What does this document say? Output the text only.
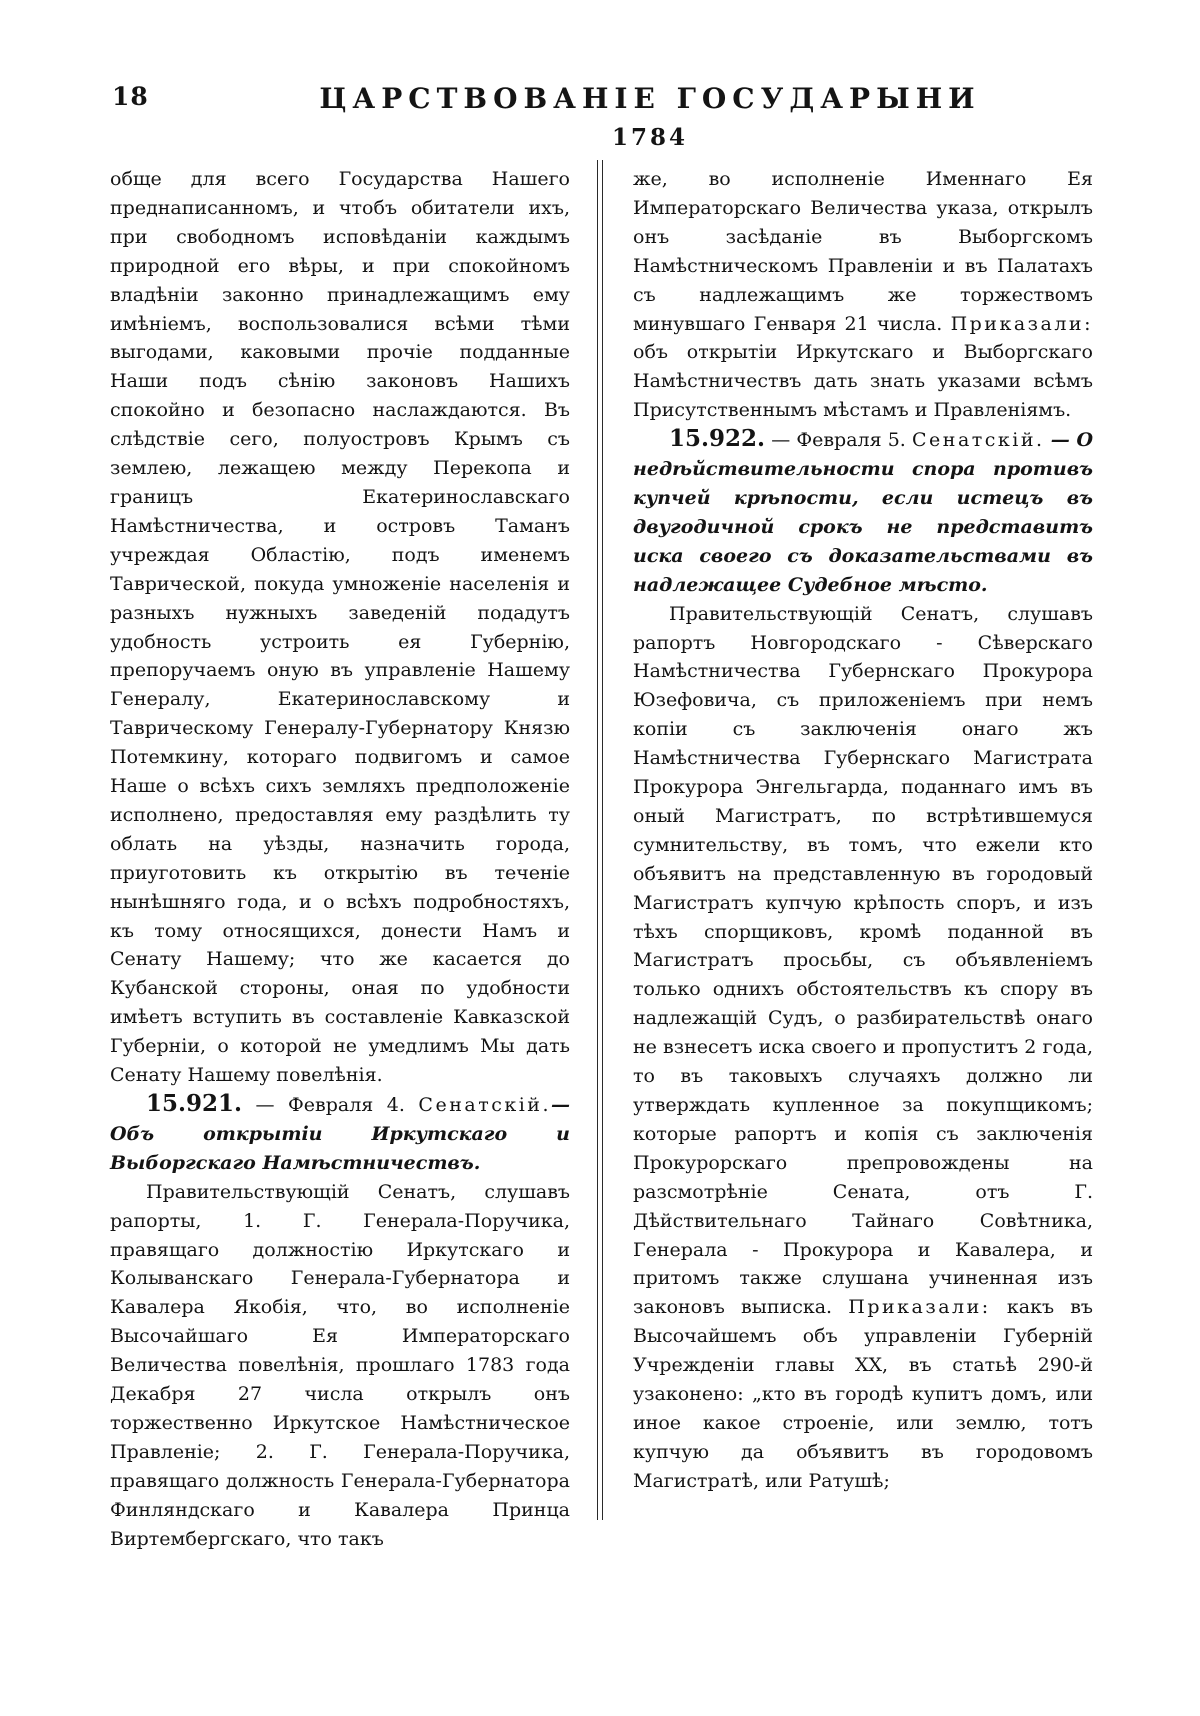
18	ЦАРСТВОВАНІЕ ГОСУДАРЫНИ
1784

обще для всего Государства Нашего преднаписанномъ, и чтобъ обитатели ихъ, при свободномъ исповѣданіи каждымъ природной его вѣры, и при спокойномъ владѣніи законно принадлежащимъ ему имѣніемъ, воспользовалися всѣми тѣми выгодами, каковыми прочіе подданные Наши подъ сѣнію законовъ Нашихъ спокойно и безопасно наслаждаются. Въ слѣдствіе сего, полуостровъ Крымъ съ землею, лежащею между Перекопа и границъ Екатеринославскаго Намѣстничества, и островъ Таманъ учреждая Областію, подъ именемъ Таврической, покуда умноженіе населенія и разныхъ нужныхъ заведеній подадутъ удобность устроить ея Губернію, препоручаемъ оную въ управленіе Нашему Генералу, Екатеринославскому и Таврическому Генералу-Губернатору Князю Потемкину, котораго подвигомъ и самое Наше о всѣхъ сихъ земляхъ предположеніе исполнено, предоставляя ему раздѣлить ту облать на уѣзды, назначить города, приуготовить къ открытію въ теченіе нынѣшняго года, и о всѣхъ подробностяхъ, къ тому относящихся, донести Намъ и Сенату Нашему; что же касается до Кубанской стороны, оная по удобности имѣетъ вступить въ составленіе Кавказской Губерніи, о которой не умедлимъ Мы дать Сенату Нашему повелѣнія.

15.921. — Февраля 4. Сенатскій.—Объ открытіи Иркутскаго и Выборгскаго Намѣстничествъ.

Правительствующій Сенатъ, слушавъ рапорты, 1. Г. Генерала-Поручика, правящаго должностію Иркутскаго и Колыванскаго Генерала-Губернатора и Кавалера Якобія, что, во исполненіе Высочайшаго Ея Императорскаго Величества повелѣнія, прошлаго 1783 года Декабря 27 числа открылъ онъ торжественно Иркутское Намѣстническое Правленіе; 2. Г. Генерала-Поручика, правящаго должность Генерала-Губернатора Финляндскаго и Кавалера Принца Виртембергскаго, что такъ

же, во исполненіе Именнаго Ея Императорскаго Величества указа, открылъ онъ засѣданіе въ Выборгскомъ Намѣстническомъ Правленіи и въ Палатахъ съ надлежащимъ же торжествомъ минувшаго Генваря 21 числа. Приказали: объ открытіи Иркутскаго и Выборгскаго Намѣстничествъ дать знать указами всѣмъ Присутственнымъ мѣстамъ и Правленіямъ.

15.922. — Февраля 5. Сенатскій. — О недѣйствительности спора противъ купчей крѣпости, если истецъ въ двугодичной срокъ не представитъ иска своего съ доказательствами въ надлежащее Судебное мѣсто.

Правительствующій Сенатъ, слушавъ рапортъ Новгородскаго - Сѣверскаго Намѣстничества Губернскаго Прокурора Юзефовича, съ приложеніемъ при немъ копіи съ заключенія онаго жъ Намѣстничества Губернскаго Магистрата Прокурора Энгельгарда, поданнаго имъ въ оный Магистратъ, по встрѣтившемуся сумнительству, въ томъ, что ежели кто объявитъ на представленную въ городовый Магистратъ купчую крѣпость споръ, и изъ тѣхъ спорщиковъ, кромѣ поданной въ Магистратъ просьбы, съ объявленіемъ только однихъ обстоятельствъ къ спору въ надлежащій Судъ, о разбирательствѣ онаго не взнесетъ иска своего и пропуститъ 2 года, то въ таковыхъ случаяхъ должно ли утверждать купленное за покупщикомъ; которые рапортъ и копія съ заключенія Прокурорскаго препровождены на разсмотрѣніе Сената, отъ Г. Дѣйствительнаго Тайнаго Совѣтника, Генерала - Прокурора и Кавалера, и притомъ также слушана учиненная изъ законовъ выписка. Приказали: какъ въ Высочайшемъ объ управленіи Губерній Учрежденіи главы XX, въ статьѣ 290-й узаконено: „кто въ городѣ купитъ домъ, или иное какое строеніе, или землю, тотъ купчую да объявитъ въ городовомъ Магистратѣ, или Ратушѣ;
